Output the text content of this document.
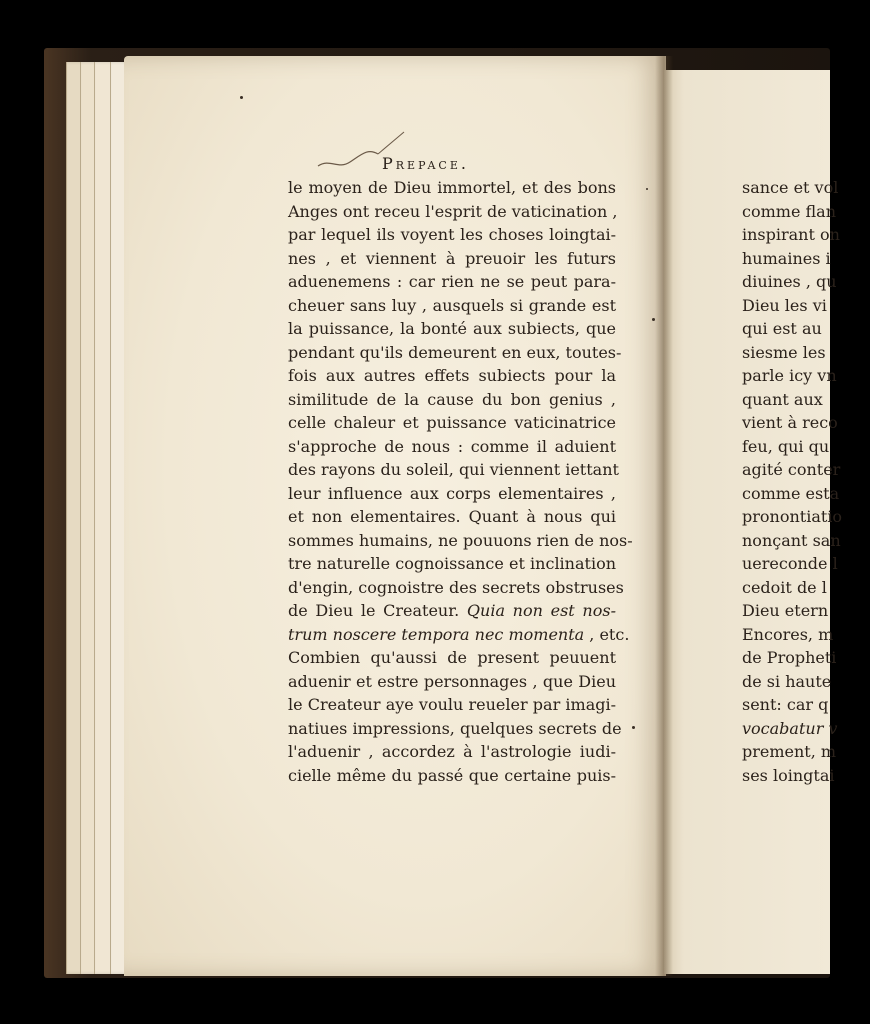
Prepace.
le moyen de Dieu immortel, et des bons
Anges ont receu l'esprit de vaticination ,
par lequel ils voyent les choses loingtai-
nes , et viennent à preuoir les futurs
aduenemens : car rien ne se peut para-
cheuer sans luy , ausquels si grande est
la puissance, la bonté aux subiects, que
pendant qu'ils demeurent en eux, toutes-
fois aux autres effets subiects pour la
similitude de la cause du bon genius ,
celle chaleur et puissance vaticinatrice
s'approche de nous : comme il aduient
des rayons du soleil, qui viennent iettant
leur influence aux corps elementaires ,
et non elementaires. Quant à nous qui
sommes humains, ne pouuons rien de nos-
tre naturelle cognoissance et inclination
d'engin, cognoistre des secrets obstruses
de Dieu le Createur. Quia non est nos-
trum noscere tempora nec momenta , etc.
Combien qu'aussi de present peuuent
aduenir et estre personnages , que Dieu
le Createur aye voulu reueler par imagi-
natiues impressions, quelques secrets de
l'aduenir , accordez à l'astrologie iudi-
cielle même du passé que certaine puis-
sance et vol
comme flan
inspirant on
humaines i
diuines , qu
Dieu les vi
qui est au
siesme les
parle icy vn
quant aux
vient à reco
feu, qui qu
agité conter
comme esta
pronontiatio
nonçant san
uereconde l
cedoit de l
Dieu etern
Encores, m
de Propheti
de si haute
sent: car q
vocabatur v
prement, m
ses loingtai
